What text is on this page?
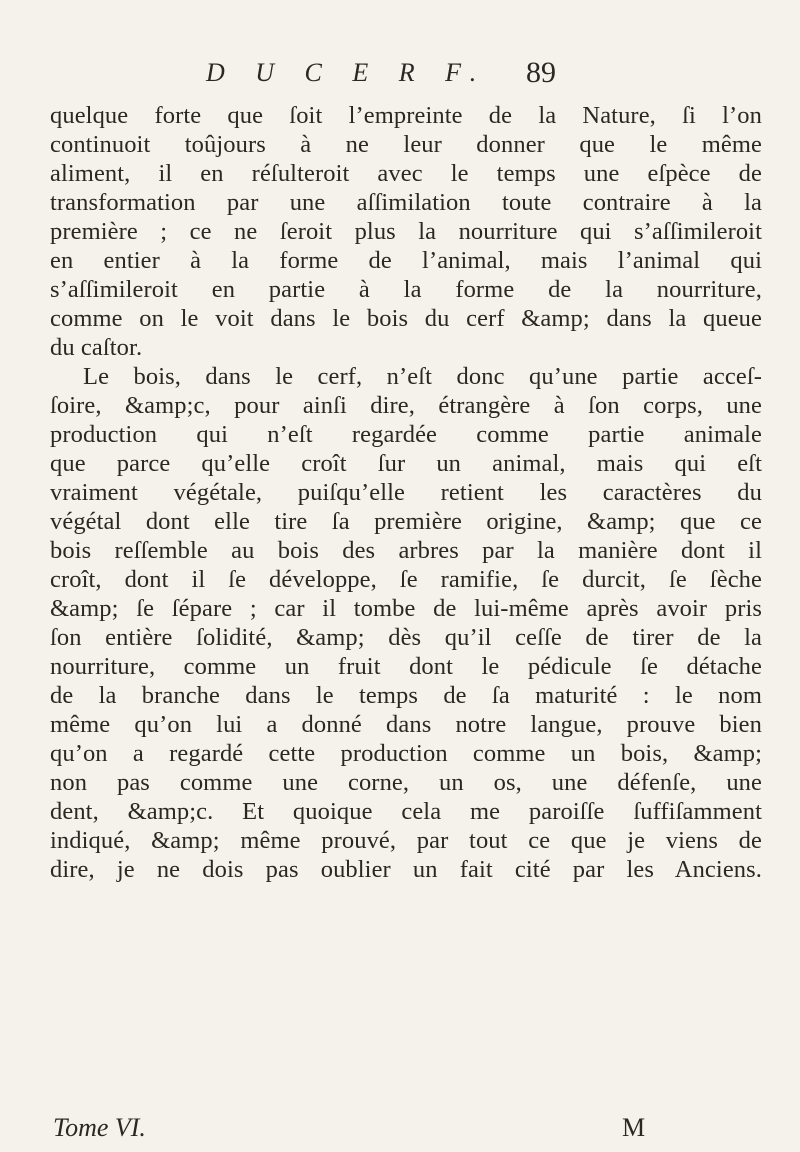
D U C E R F. 89
quelque forte que ſoit l’empreinte de la Nature, ſi l’on
continuoit toûjours à ne leur donner que le même
aliment, il en réſulteroit avec le temps une eſpèce de
transformation par une aſſimilation toute contraire à la
première ; ce ne ſeroit plus la nourriture qui s’aſſimileroit
en entier à la forme de l’animal, mais l’animal qui
s’aſſimileroit en partie à la forme de la nourriture,
comme on le voit dans le bois du cerf &amp; dans la queue
du caſtor.
Le bois, dans le cerf, n’eſt donc qu’une partie acceſ-
ſoire, &amp;c, pour ainſi dire, étrangère à ſon corps, une
production qui n’eſt regardée comme partie animale
que parce qu’elle croît ſur un animal, mais qui eſt
vraiment végétale, puiſqu’elle retient les caractères du
végétal dont elle tire ſa première origine, &amp; que ce
bois reſſemble au bois des arbres par la manière dont il
croît, dont il ſe développe, ſe ramifie, ſe durcit, ſe ſèche
&amp; ſe ſépare ; car il tombe de lui-même après avoir pris
ſon entière ſolidité, &amp; dès qu’il ceſſe de tirer de la
nourriture, comme un fruit dont le pédicule ſe détache
de la branche dans le temps de ſa maturité : le nom
même qu’on lui a donné dans notre langue, prouve bien
qu’on a regardé cette production comme un bois, &amp;
non pas comme une corne, un os, une défenſe, une
dent, &amp;c. Et quoique cela me paroiſſe ſuffiſamment
indiqué, &amp; même prouvé, par tout ce que je viens de
dire, je ne dois pas oublier un fait cité par les Anciens.
Tome VI.	M
